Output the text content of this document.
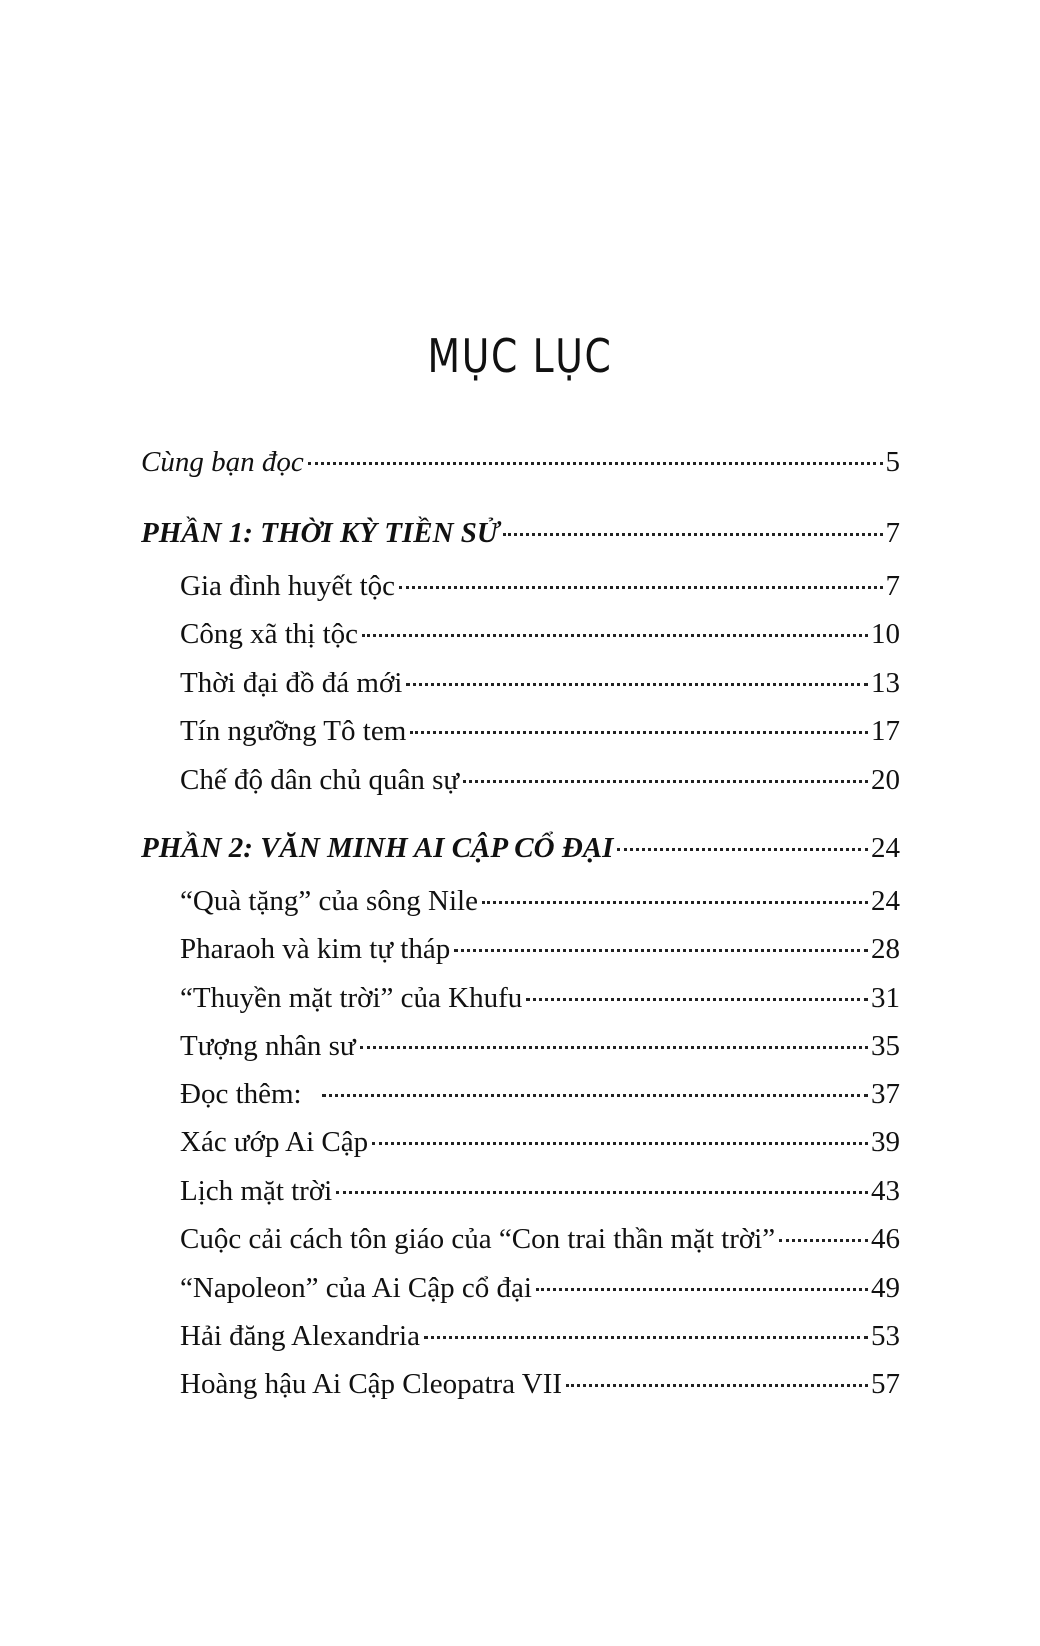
MỤC LỤC
Cùng bạn đọc	5
PHẦN 1: THỜI KỲ TIỀN SỬ	7
Gia đình huyết tộc	7
Công xã thị tộc	10
Thời đại đồ đá mới	13
Tín ngưỡng Tô tem	17
Chế độ dân chủ quân sự	20
PHẦN 2: VĂN MINH AI CẬP CỔ ĐẠI	24
“Quà tặng” của sông Nile	24
Pharaoh và kim tự tháp	28
“Thuyền mặt trời” của Khufu	31
Tượng nhân sư	35
Đọc thêm:	37
Xác ướp Ai Cập	39
Lịch mặt trời	43
Cuộc cải cách tôn giáo của “Con trai thần mặt trời”	46
“Napoleon” của Ai Cập cổ đại	49
Hải đăng Alexandria	53
Hoàng hậu Ai Cập Cleopatra VII	57
